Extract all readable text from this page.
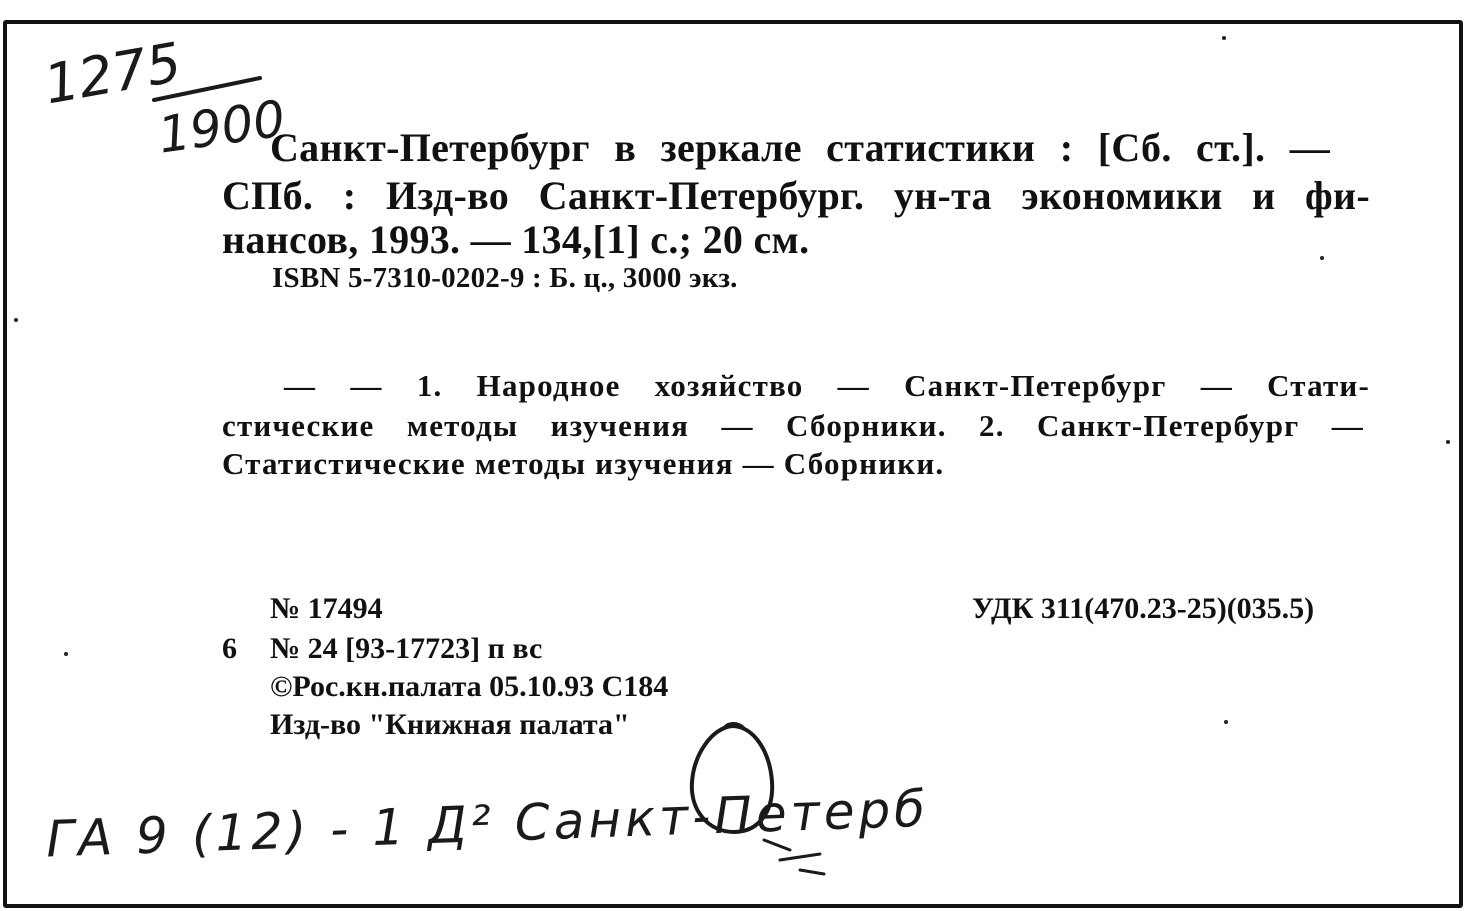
1275
1900
Санкт-Петербург в зеркале статистики : [Сб. ст.]. —
СПб. : Изд-во Санкт-Петербург. ун-та экономики и фи-
нансов, 1993. — 134,[1] с.; 20 см.
ISBN 5-7310-0202-9 : Б. ц., 3000 экз.
— — 1. Народное хозяйство — Санкт-Петербург — Стати-
стические методы изучения — Сборники. 2. Санкт-Петербург —
Статистические методы изучения — Сборники.
№ 17494	УДК 311(470.23-25)(035.5)
6 № 24 [93-17723] п вс
©Рос.кн.палата 05.10.93 С184
Изд-во "Книжная палата"
ГА 9 (12) - 1 Д² Санкт-Петерб
